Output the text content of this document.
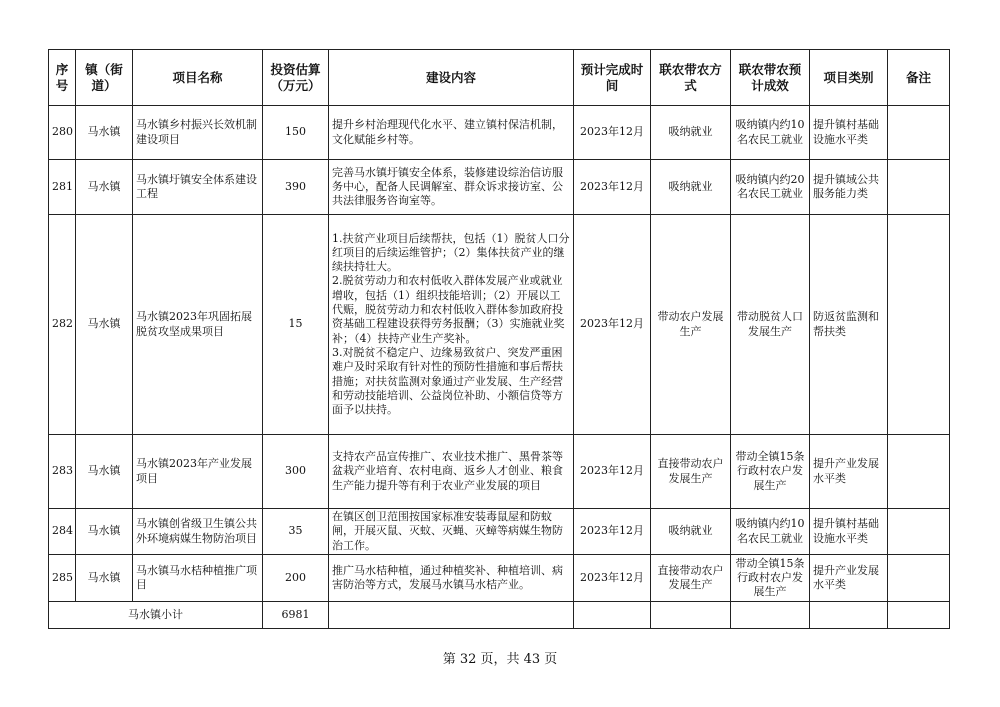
序号	镇（街道）	项目名称	投资估算（万元）	建设内容	预计完成时间	联农带农方式	联农带农预计成效	项目类别	备注
280	马水镇	马水镇乡村振兴长效机制建设项目	150	提升乡村治理现代化水平、建立镇村保洁机制，文化赋能乡村等。	2023年12月	吸纳就业	吸纳镇内约10名农民工就业	提升镇村基础设施水平类	
281	马水镇	马水镇圩镇安全体系建设工程	390	完善马水镇圩镇安全体系，装修建设综治信访服务中心，配备人民调解室、群众诉求接访室、公共法律服务咨询室等。	2023年12月	吸纳就业	吸纳镇内约20名农民工就业	提升镇域公共服务能力类	
282	马水镇	马水镇2023年巩固拓展脱贫攻坚成果项目	15	1.扶贫产业项目后续帮扶，包括（1）脱贫人口分红项目的后续运维管护；（2）集体扶贫产业的继续扶持壮大。
2.脱贫劳动力和农村低收入群体发展产业或就业增收，包括（1）组织技能培训；（2）开展以工代赈，脱贫劳动力和农村低收入群体参加政府投资基础工程建设获得劳务报酬；（3）实施就业奖补；（4）扶持产业生产奖补。
3.对脱贫不稳定户、边缘易致贫户、突发严重困难户及时采取有针对性的预防性措施和事后帮扶措施；对扶贫监测对象通过产业发展、生产经营和劳动技能培训、公益岗位补助、小额信贷等方面予以扶持。	2023年12月	带动农户发展生产	带动脱贫人口发展生产	防返贫监测和帮扶类	
283	马水镇	马水镇2023年产业发展项目	300	支持农产品宣传推广、农业技术推广、黑骨茶等盆栽产业培育、农村电商、返乡人才创业、粮食生产能力提升等有利于农业产业发展的项目	2023年12月	直接带动农户发展生产	带动全镇15条行政村农户发展生产	提升产业发展水平类	
284	马水镇	马水镇创省级卫生镇公共外环境病媒生物防治项目	35	在镇区创卫范围按国家标准安装毒鼠屋和防蚊闸，开展灭鼠、灭蚊、灭蝇、灭蟑等病媒生物防治工作。	2023年12月	吸纳就业	吸纳镇内约10名农民工就业	提升镇村基础设施水平类	
285	马水镇	马水镇马水桔种植推广项目	200	推广马水桔种植，通过种植奖补、种植培训、病害防治等方式，发展马水镇马水桔产业。	2023年12月	直接带动农户发展生产	带动全镇15条行政村农户发展生产	提升产业发展水平类	
马水镇小计			6981						
第 32 页，共 43 页
